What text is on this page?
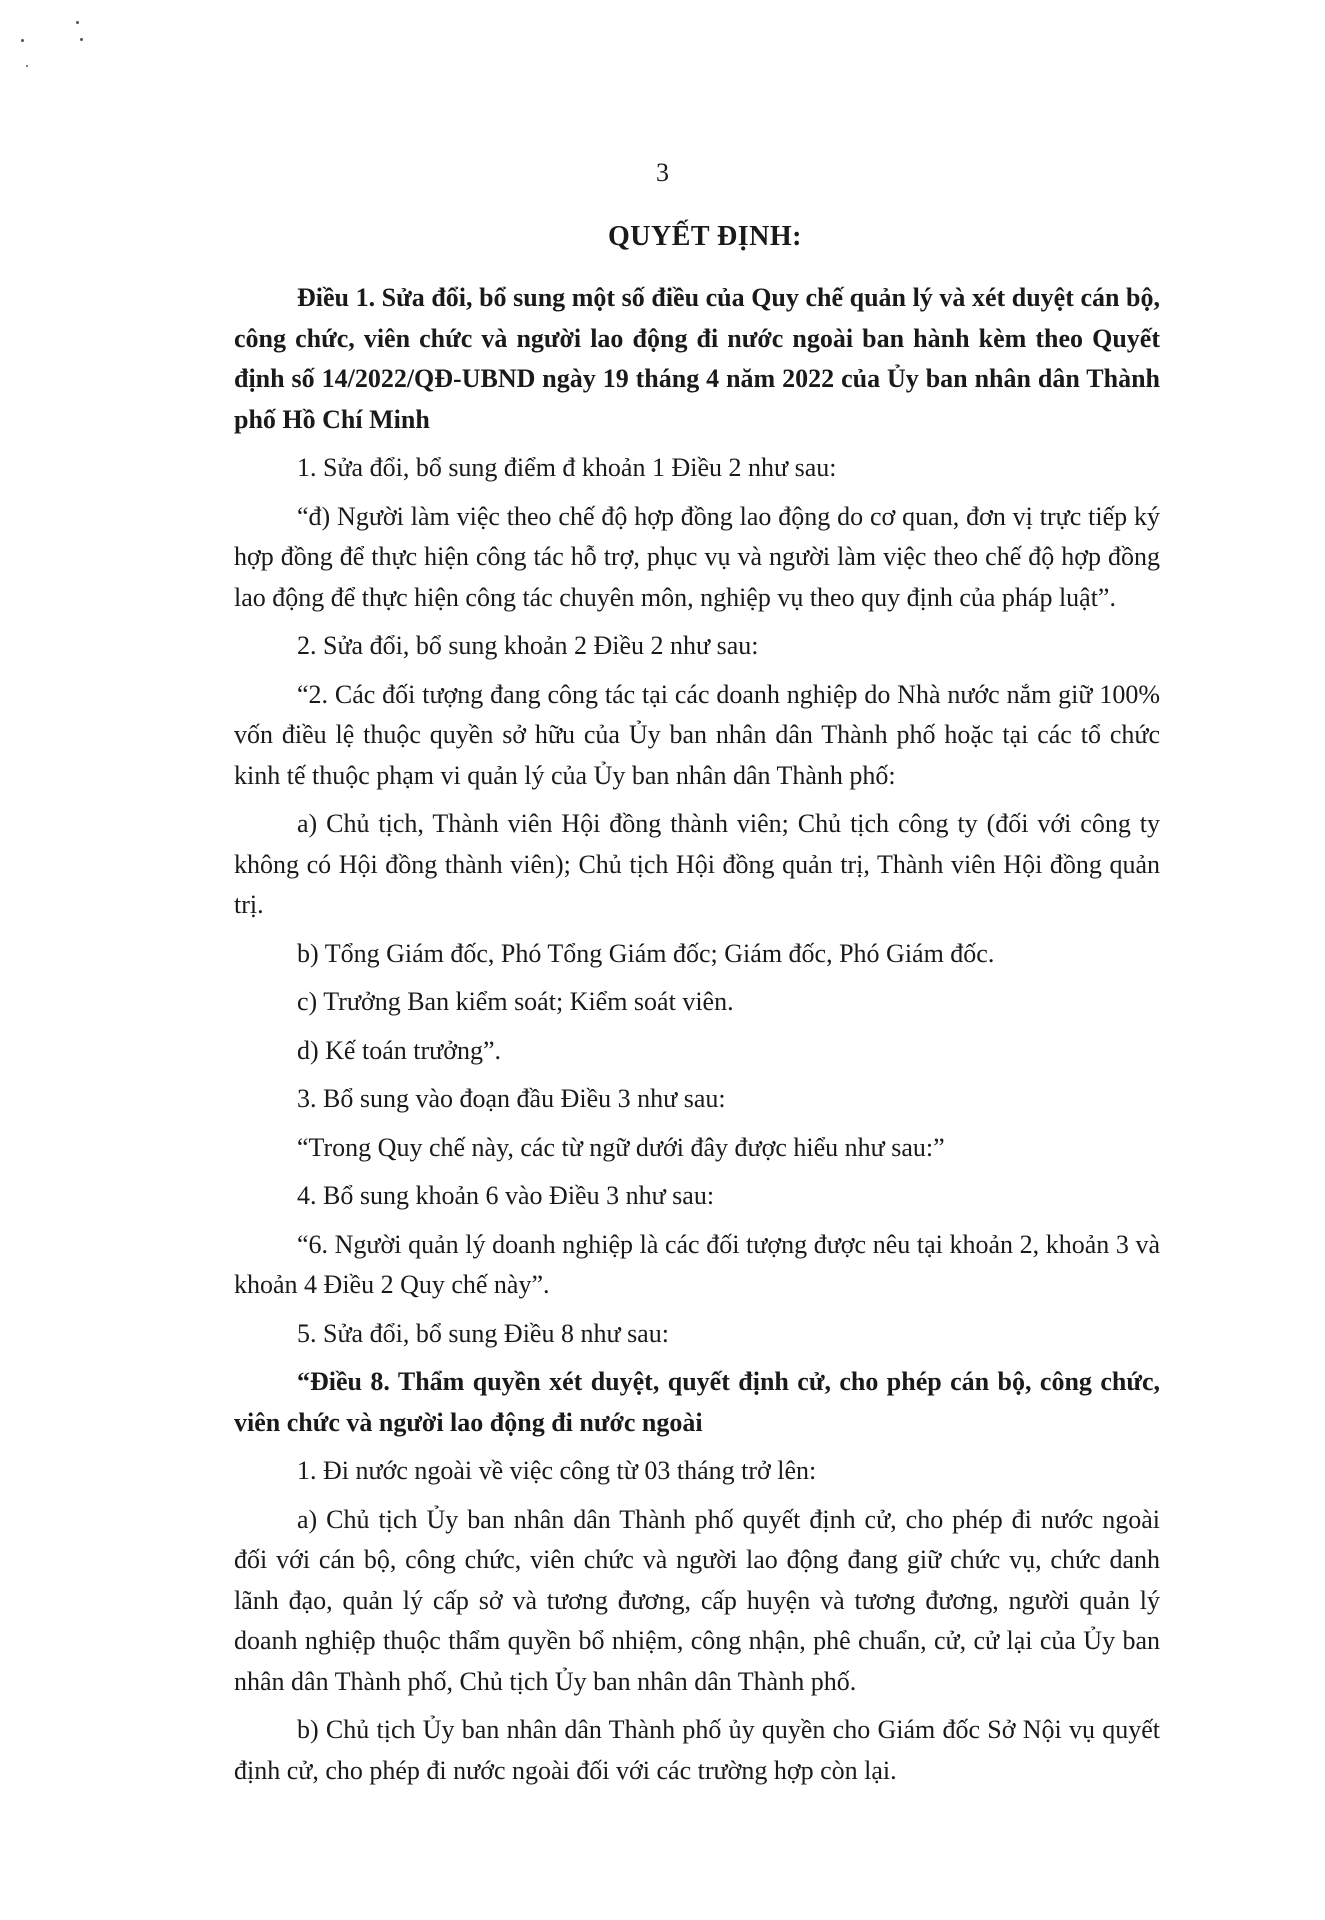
3
QUYẾT ĐỊNH:

Điều 1. Sửa đổi, bổ sung một số điều của Quy chế quản lý và xét duyệt cán bộ, công chức, viên chức và người lao động đi nước ngoài ban hành kèm theo Quyết định số 14/2022/QĐ-UBND ngày 19 tháng 4 năm 2022 của Ủy ban nhân dân Thành phố Hồ Chí Minh

1. Sửa đổi, bổ sung điểm đ khoản 1 Điều 2 như sau:

“đ) Người làm việc theo chế độ hợp đồng lao động do cơ quan, đơn vị trực tiếp ký hợp đồng để thực hiện công tác hỗ trợ, phục vụ và người làm việc theo chế độ hợp đồng lao động để thực hiện công tác chuyên môn, nghiệp vụ theo quy định của pháp luật”.

2. Sửa đổi, bổ sung khoản 2 Điều 2 như sau:

“2. Các đối tượng đang công tác tại các doanh nghiệp do Nhà nước nắm giữ 100% vốn điều lệ thuộc quyền sở hữu của Ủy ban nhân dân Thành phố hoặc tại các tổ chức kinh tế thuộc phạm vi quản lý của Ủy ban nhân dân Thành phố:

a) Chủ tịch, Thành viên Hội đồng thành viên; Chủ tịch công ty (đối với công ty không có Hội đồng thành viên); Chủ tịch Hội đồng quản trị, Thành viên Hội đồng quản trị.

b) Tổng Giám đốc, Phó Tổng Giám đốc; Giám đốc, Phó Giám đốc.

c) Trưởng Ban kiểm soát; Kiểm soát viên.

d) Kế toán trưởng”.

3. Bổ sung vào đoạn đầu Điều 3 như sau:

“Trong Quy chế này, các từ ngữ dưới đây được hiểu như sau:”

4. Bổ sung khoản 6 vào Điều 3 như sau:

“6. Người quản lý doanh nghiệp là các đối tượng được nêu tại khoản 2, khoản 3 và khoản 4 Điều 2 Quy chế này”.

5. Sửa đổi, bổ sung Điều 8 như sau:

“Điều 8. Thẩm quyền xét duyệt, quyết định cử, cho phép cán bộ, công chức, viên chức và người lao động đi nước ngoài

1. Đi nước ngoài về việc công từ 03 tháng trở lên:

a) Chủ tịch Ủy ban nhân dân Thành phố quyết định cử, cho phép đi nước ngoài đối với cán bộ, công chức, viên chức và người lao động đang giữ chức vụ, chức danh lãnh đạo, quản lý cấp sở và tương đương, cấp huyện và tương đương, người quản lý doanh nghiệp thuộc thẩm quyền bổ nhiệm, công nhận, phê chuẩn, cử, cử lại của Ủy ban nhân dân Thành phố, Chủ tịch Ủy ban nhân dân Thành phố.

b) Chủ tịch Ủy ban nhân dân Thành phố ủy quyền cho Giám đốc Sở Nội vụ quyết định cử, cho phép đi nước ngoài đối với các trường hợp còn lại.
